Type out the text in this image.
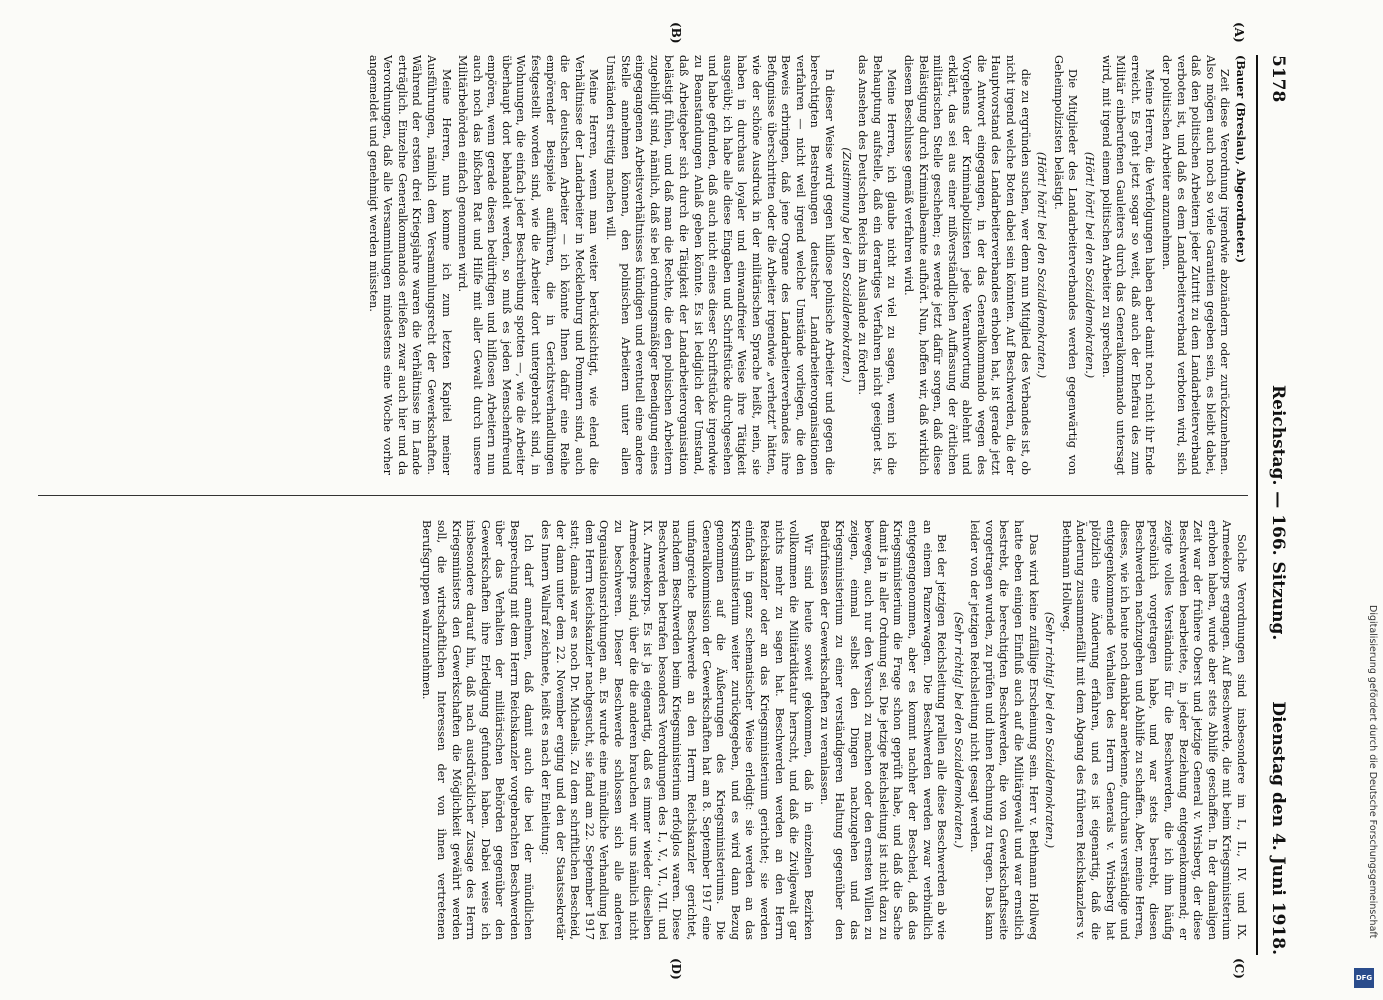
5178
Reichstag. — 166. Sitzung.
Dienstag den 4. Juni 1918.
(A)
(B)
(C)
(D)

(Bauer (Breslau), Abgeordneter.)

Zeit diese Verordnung irgendwie abzuändern oder zurückzunehmen. Also mögen auch noch so viele Garantien gegeben sein, es bleibt dabei, daß den politischen Arbeitern jeder Zutritt zu dem Landarbeiterverband verboten ist, und daß es dem Landarbeiterverband verboten wird, sich der politischen Arbeiter anzunehmen.

Meine Herren, die Verfolgungen haben aber damit noch nicht ihr Ende erreicht. Es geht jetzt sogar so weit, daß auch der Ehefrau des zum Militär einberufenen Gauleiters durch das Generalkommando untersagt wird, mit irgend einem politischen Arbeiter zu sprechen.

(Hört! hört! bei den Sozialdemokraten.)

Die Mitglieder des Landarbeiterverbandes werden gegenwärtig von Geheimpolizisten belästigt.

(Hört! hört! bei den Sozialdemokraten.)

die zu ergründen suchen, wer denn nun Mitglied des Verbandes ist, ob nicht irgend welche Boten dabei sein könnten. Auf Beschwerden, die der Hauptvorstand des Landarbeiterverbandes erhoben hat, ist gerade jetzt die Antwort eingegangen, in der das Generalkommando wegen des Vorgehens der Kriminalpolizisten jede Verantwortung ablehnt und erklärt, das sei aus einer mißverständlichen Auffassung der örtlichen militärischen Stelle geschehen; es werde jetzt dafür sorgen, daß diese Belästigung durch Kriminalbeamte aufhört. Nun, hoffen wir, daß wirklich diesem Beschlusse gemäß verfahren wird.

Meine Herren, ich glaube nicht zu viel zu sagen, wenn ich die Behauptung aufstelle, daß ein derartiges Verfahren nicht geeignet ist, das Ansehen des Deutschen Reichs im Auslande zu fördern.

(Zustimmung bei den Sozialdemokraten.)

In dieser Weise wird gegen hilflose polnische Arbeiter und gegen die berechtigten Bestrebungen deutscher Landarbeiterorganisationen verfahren — nicht weil irgend welche Umstände vorliegen, die den Beweis erbringen, daß jene Organe des Landarbeiterverbandes ihre Befugnisse überschritten oder die Arbeiter irgendwie „verhetzt“ hätten, wie der schöne Ausdruck in der militärischen Sprache heißt, nein, sie haben in durchaus loyaler und einwandfreier Weise ihre Tätigkeit ausgeübt; ich habe alle diese Eingaben und Schriftstücke durchgesehen und habe gefunden, daß auch nicht eines dieser Schriftstücke irgendwie zu Beanstandungen Anlaß geben könnte. Es ist lediglich der Umstand, daß Arbeitgeber sich durch die Tätigkeit der Landarbeiterorganisation belästigt fühlen, und daß man die Rechte, die den polnischen Arbeitern zugebilligt sind, nämlich, daß sie bei ordnungsmäßiger Beendigung eines eingegangenen Arbeitsverhältnisses kündigen und eventuell eine andere Stelle annehmen können, den polnischen Arbeitern unter allen Umständen streitig machen will.

Meine Herren, wenn man weiter berücksichtigt, wie elend die Verhältnisse der Landarbeiter in Mecklenburg und Pommern sind, auch die der deutschen Arbeiter — ich könnte Ihnen dafür eine Reihe empörender Beispiele aufführen, die in Gerichtsverhandlungen festgestellt worden sind, wie die Arbeiter dort untergebracht sind, in Wohnungen, die einfach jeder Beschreibung spotten —, wie die Arbeiter überhaupt dort behandelt werden, so muß es jeden Menschenfreund empören, wenn gerade diesen bedürftigen und hilflosen Arbeitern nun auch noch das bißchen Rat und Hilfe mit aller Gewalt durch unsere Militärbehörden einfach genommen wird.

Meine Herren, nun komme ich zum letzten Kapitel meiner Ausführungen, nämlich dem Versammlungsrecht der Gewerkschaften. Während der ersten drei Kriegsjahre waren die Verhältnisse im Lande erträglich. Einzelne Generalkommandos erließen zwar auch hier und da Verordnungen, daß alle Versammlungen mindestens eine Woche vorher angemeldet und genehmigt werden müssten.

Solche Verordnungen sind insbesondere im I., II., IV. und IX. Armeekorps ergangen. Auf Beschwerde, die mit beim Kriegsministerium erhoben haben, wurde aber stets Abhilfe geschaffen. In der damaligen Zeit war der frühere Oberst und jetzige General v. Wrisberg, der diese Beschwerden bearbeitete, in jeder Beziehung entgegenkommend; er zeigte volles Verständnis für die Beschwerden, die ich ihm häufig persönlich vorgetragen habe, und war stets bestrebt, diesen Beschwerden nachzugehen und Abhilfe zu schaffen. Aber, meine Herren, dieses, wie ich heute noch dankbar anerkenne, durchaus verständige und entgegenkommende Verhalten des Herrn Generals v. Wrisberg hat plötzlich eine Änderung erfahren, und es ist eigenartig, daß die Änderung zusammenfällt mit dem Abgang des früheren Reichskanzlers v. Bethmann Hollweg.

(Sehr richtig! bei den Sozialdemokraten.)

Das wird keine zufällige Erscheinung sein. Herr v. Bethmann Hollweg hatte eben einigen Einfluß auch auf die Militärgewalt und war ernstlich bestrebt, die berechtigten Beschwerden, die von Gewerkschaftsseite vorgetragen wurden, zu prüfen und ihnen Rechnung zu tragen. Das kann leider von der jetzigen Reichsleitung nicht gesagt werden.

(Sehr richtig! bei den Sozialdemokraten.)

Bei der jetzigen Reichsleitung prallen alle diese Beschwerden ab wie an einem Panzerwagen. Die Beschwerden werden zwar verbindlich entgegengenommen, aber es kommt nachher der Bescheid, daß das Kriegsministerium die Frage schon geprüft habe, und daß die Sache damit ja in aller Ordnung sei. Die jetzige Reichsleitung ist nicht dazu zu bewegen, auch nur den Versuch zu machen oder den ernsten Willen zu zeigen, einmal selbst den Dingen nachzugehen und das Kriegsministerium zu einer verständigeren Haltung gegenüber den Bedürfnissen der Gewerkschaften zu veranlassen.

Wir sind heute soweit gekommen, daß in einzelnen Bezirken vollkommen die Militärdiktatur herrscht, und daß die Zivilgewalt gar nichts mehr zu sagen hat. Beschwerden werden an den Herrn Reichskanzler oder an das Kriegsministerium gerichtet; sie werden einfach in ganz schematischer Weise erledigt: sie werden an das Kriegsministerium weiter zurückgegeben, und es wird dann Bezug genommen auf die Äußerungen des Kriegsministeriums. Die Generalkommission der Gewerkschaften hat am 8. September 1917 eine umfangreiche Beschwerde an den Herrn Reichskanzler gerichtet, nachdem Beschwerden beim Kriegsministerium erfolglos waren. Diese Beschwerden betrafen besonders Verordnungen des I., V., VI., VII. und IX. Armeekorps. Es ist ja eigenartig, daß es immer wieder dieselben Armeekorps sind, über die die anderen brauchen wir uns nämlich nicht zu beschweren. Dieser Beschwerde schlossen sich alle anderen Organisationsrichtungen an. Es wurde eine mündliche Verhandlung bei dem Herrn Reichskanzler nachgesucht, sie fand am 22. September 1917 statt; damals war es noch Dr. Michaelis. Zu dem schriftlichen Bescheid, der dann unter dem 22. November erging und den der Staatssekretär des Innern Wallraf zeichnete, heißt es nach der Einleitung:

Ich darf annehmen, daß damit auch die bei der mündlichen Besprechung mit dem Herrn Reichskanzler vorgebrachten Beschwerden über das Verhalten der militärischen Behörden gegenüber den Gewerkschaften ihre Erledigung gefunden haben. Dabei weise ich insbesondere darauf hin, daß nach ausdrücklicher Zusage des Herrn Kriegsministers den Gewerkschaften die Möglichkeit gewährt werden soll, die wirtschaftlichen Interessen der von ihnen vertretenen Berufsgruppen wahrzunehmen.	Digitalisierung gefördert durch die Deutsche Forschungsgemeinschaft
DFG
